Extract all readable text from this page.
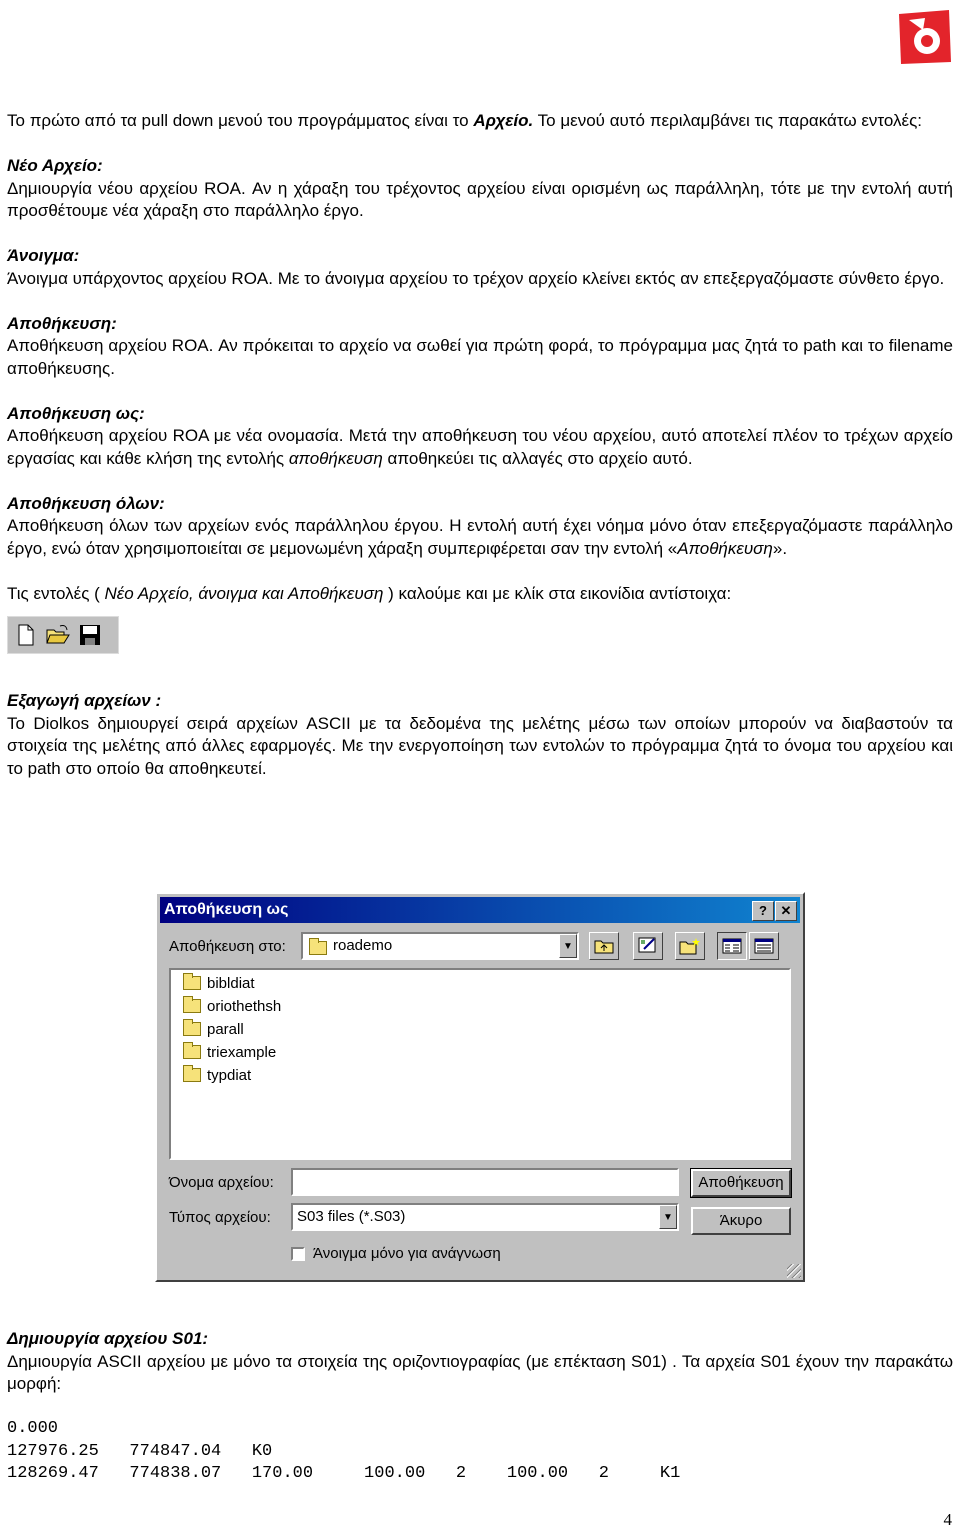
Το πρώτο από τα pull down μενού του προγράμματος είναι το Αρχείο. Το μενού αυτό περιλαμβάνει τις παρακάτω εντολές:

Νέο Αρχείο:
Δημιουργία νέου αρχείου ROA. Αν η χάραξη του τρέχοντος αρχείου είναι ορισμένη ως παράλληλη, τότε με την εντολή αυτή προσθέτουμε νέα χάραξη στο παράλληλο έργο.

Άνοιγμα:
Άνοιγμα υπάρχοντος αρχείου ROA. Με το άνοιγμα αρχείου το τρέχον αρχείο κλείνει εκτός αν επεξεργαζόμαστε σύνθετο έργο.

Αποθήκευση:
Αποθήκευση αρχείου ROA. Αν πρόκειται το αρχείο να σωθεί για πρώτη φορά, το πρόγραμμα μας ζητά το path και το filename αποθήκευσης.

Αποθήκευση ως:
Αποθήκευση αρχείου ROA με νέα ονομασία. Μετά την αποθήκευση του νέου αρχείου, αυτό αποτελεί πλέον το τρέχων αρχείο εργασίας και κάθε κλήση της εντολής αποθήκευση αποθηκεύει τις αλλαγές στο αρχείο αυτό.

Αποθήκευση όλων:
Αποθήκευση όλων των αρχείων ενός παράλληλου έργου. Η εντολή αυτή έχει νόημα μόνο όταν επεξεργαζόμαστε παράλληλο έργο, ενώ όταν χρησιμοποιείται σε μεμονωμένη χάραξη συμπεριφέρεται σαν την εντολή «Αποθήκευση».

Τις εντολές ( Νέο Αρχείο, άνοιγμα και Αποθήκευση ) καλούμε και με κλίκ στα εικονίδια αντίστοιχα:

Εξαγωγή αρχείων :
Το Diolkos δημιουργεί σειρά αρχείων ASCII με τα δεδομένα της μελέτης μέσω των οποίων μπορούν να διαβαστούν τα στοιχεία της μελέτης από άλλες εφαρμογές. Με την ενεργοποίηση των εντολών το πρόγραμμα ζητά το όνομα του αρχείου και το path στο οποίο θα αποθηκευτεί.

Αποθήκευση ως	?	✕
Αποθήκευση στο:	roademo	▼
bibldiat
oriothethsh
parall
triexample
typdiat
Όνομα αρχείου:	Αποθήκευση
Τύπος αρχείου: S03 files (*.S03)	▼	Άκυρο
Άνοιγμα μόνο για ανάγνωση

Δημιουργία αρχείου S01:
Δημιουργία ASCII αρχείου με μόνο τα στοιχεία της οριζοντιογραφίας (με επέκταση S01) . Τα αρχεία S01 έχουν την παρακάτω μορφή:

0.000
127976.25   774847.04   K0
128269.47   774838.07   170.00     100.00   2    100.00   2     K1
4
